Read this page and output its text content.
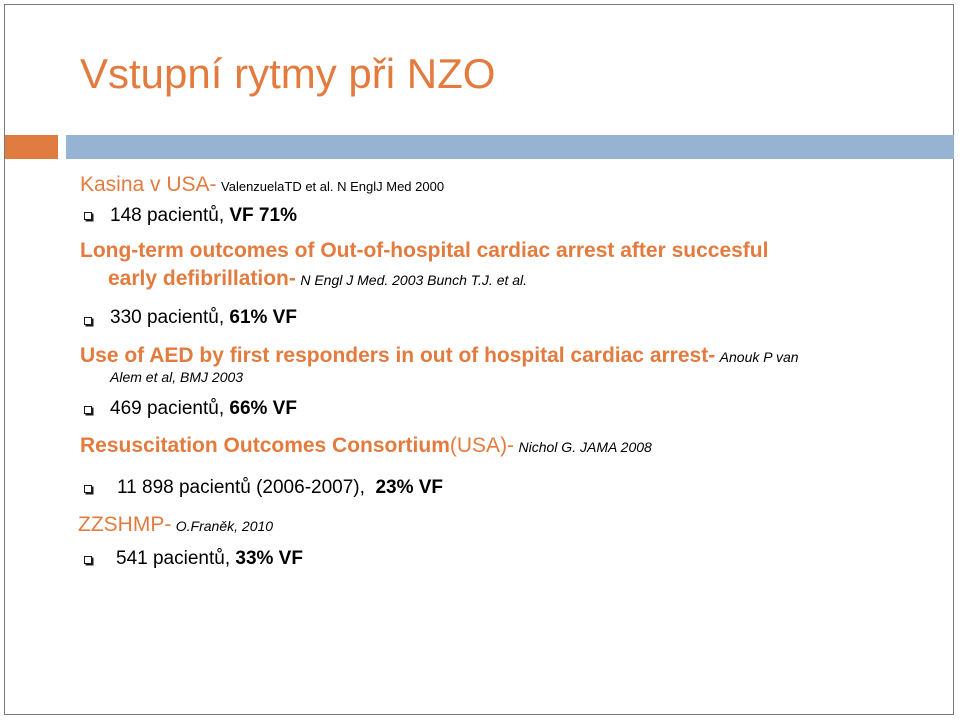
Vstupní rytmy při NZO
Kasina v USA- ValenzuelaTD et al. N EnglJ Med 2000
148 pacientů, VF 71%
Long-term outcomes of Out-of-hospital cardiac arrest after succesful
early defibrillation- N Engl J Med. 2003 Bunch T.J. et al.
330 pacientů, 61% VF
Use of AED by first responders in out of hospital cardiac arrest- Anouk P van
Alem et al, BMJ 2003
469 pacientů, 66% VF
Resuscitation Outcomes Consortium(USA)- Nichol G. JAMA 2008
11 898 pacientů (2006-2007),  23% VF
ZZSHMP- O.Franěk, 2010
541 pacientů, 33% VF
